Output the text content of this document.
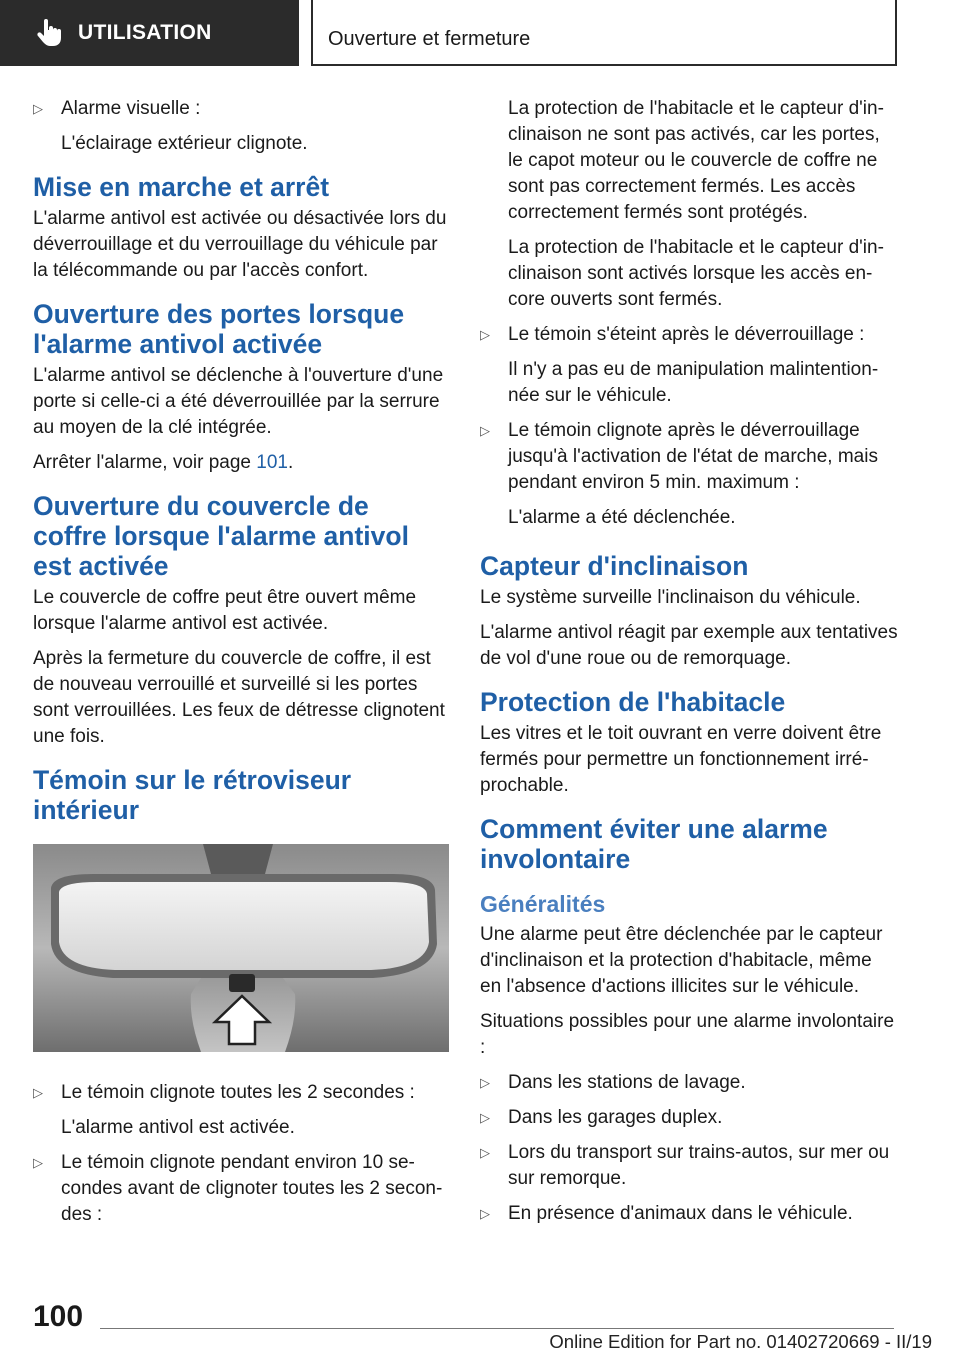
UTILISATION	Ouverture et fermeture
▷ Alarme visuelle :

L'éclairage extérieur clignote.

Mise en marche et arrêt

L'alarme antivol est activée ou désactivée lors du déverrouillage et du verrouillage du véhicule par la télécommande ou par l'accès confort.

Ouverture des portes lorsque l'alarme antivol activée

L'alarme antivol se déclenche à l'ouverture d'une porte si celle-ci a été déverrouillée par la serrure au moyen de la clé intégrée.

Arrêter l'alarme, voir page 101.

Ouverture du couvercle de coffre lorsque l'alarme antivol est activée

Le couvercle de coffre peut être ouvert même lorsque l'alarme antivol est activée.

Après la fermeture du couvercle de coffre, il est de nouveau verrouillé et surveillé si les portes sont verrouillées. Les feux de détresse clignotent une fois.

Témoin sur le rétroviseur intérieur
▷ Le témoin clignote toutes les 2 secondes :

L'alarme antivol est activée.

▷ Le témoin clignote pendant environ 10 secondes avant de clignoter toutes les 2 secondes :

La protection de l'habitacle et le capteur d'inclinaison ne sont pas activés, car les portes, le capot moteur ou le couvercle de coffre ne sont pas correctement fermés. Les accès correctement fermés sont protégés.

La protection de l'habitacle et le capteur d'inclinaison sont activés lorsque les accès encore ouverts sont fermés.

▷ Le témoin s'éteint après le déverrouillage :

Il n'y a pas eu de manipulation malintentionnée sur le véhicule.

▷ Le témoin clignote après le déverrouillage jusqu'à l'activation de l'état de marche, mais pendant environ 5 min. maximum :

L'alarme a été déclenchée.

Capteur d'inclinaison

Le système surveille l'inclinaison du véhicule.

L'alarme antivol réagit par exemple aux tentatives de vol d'une roue ou de remorquage.

Protection de l'habitacle

Les vitres et le toit ouvrant en verre doivent être fermés pour permettre un fonctionnement irréprochable.

Comment éviter une alarme involontaire
Généralités

Une alarme peut être déclenchée par le capteur d'inclinaison et la protection d'habitacle, même en l'absence d'actions illicites sur le véhicule.

Situations possibles pour une alarme involontaire :

▷ Dans les stations de lavage.

▷ Dans les garages duplex.

▷ Lors du transport sur trains-autos, sur mer ou sur remorque.

▷ En présence d'animaux dans le véhicule.

100
Online Edition for Part no. 01402720669 - II/19
